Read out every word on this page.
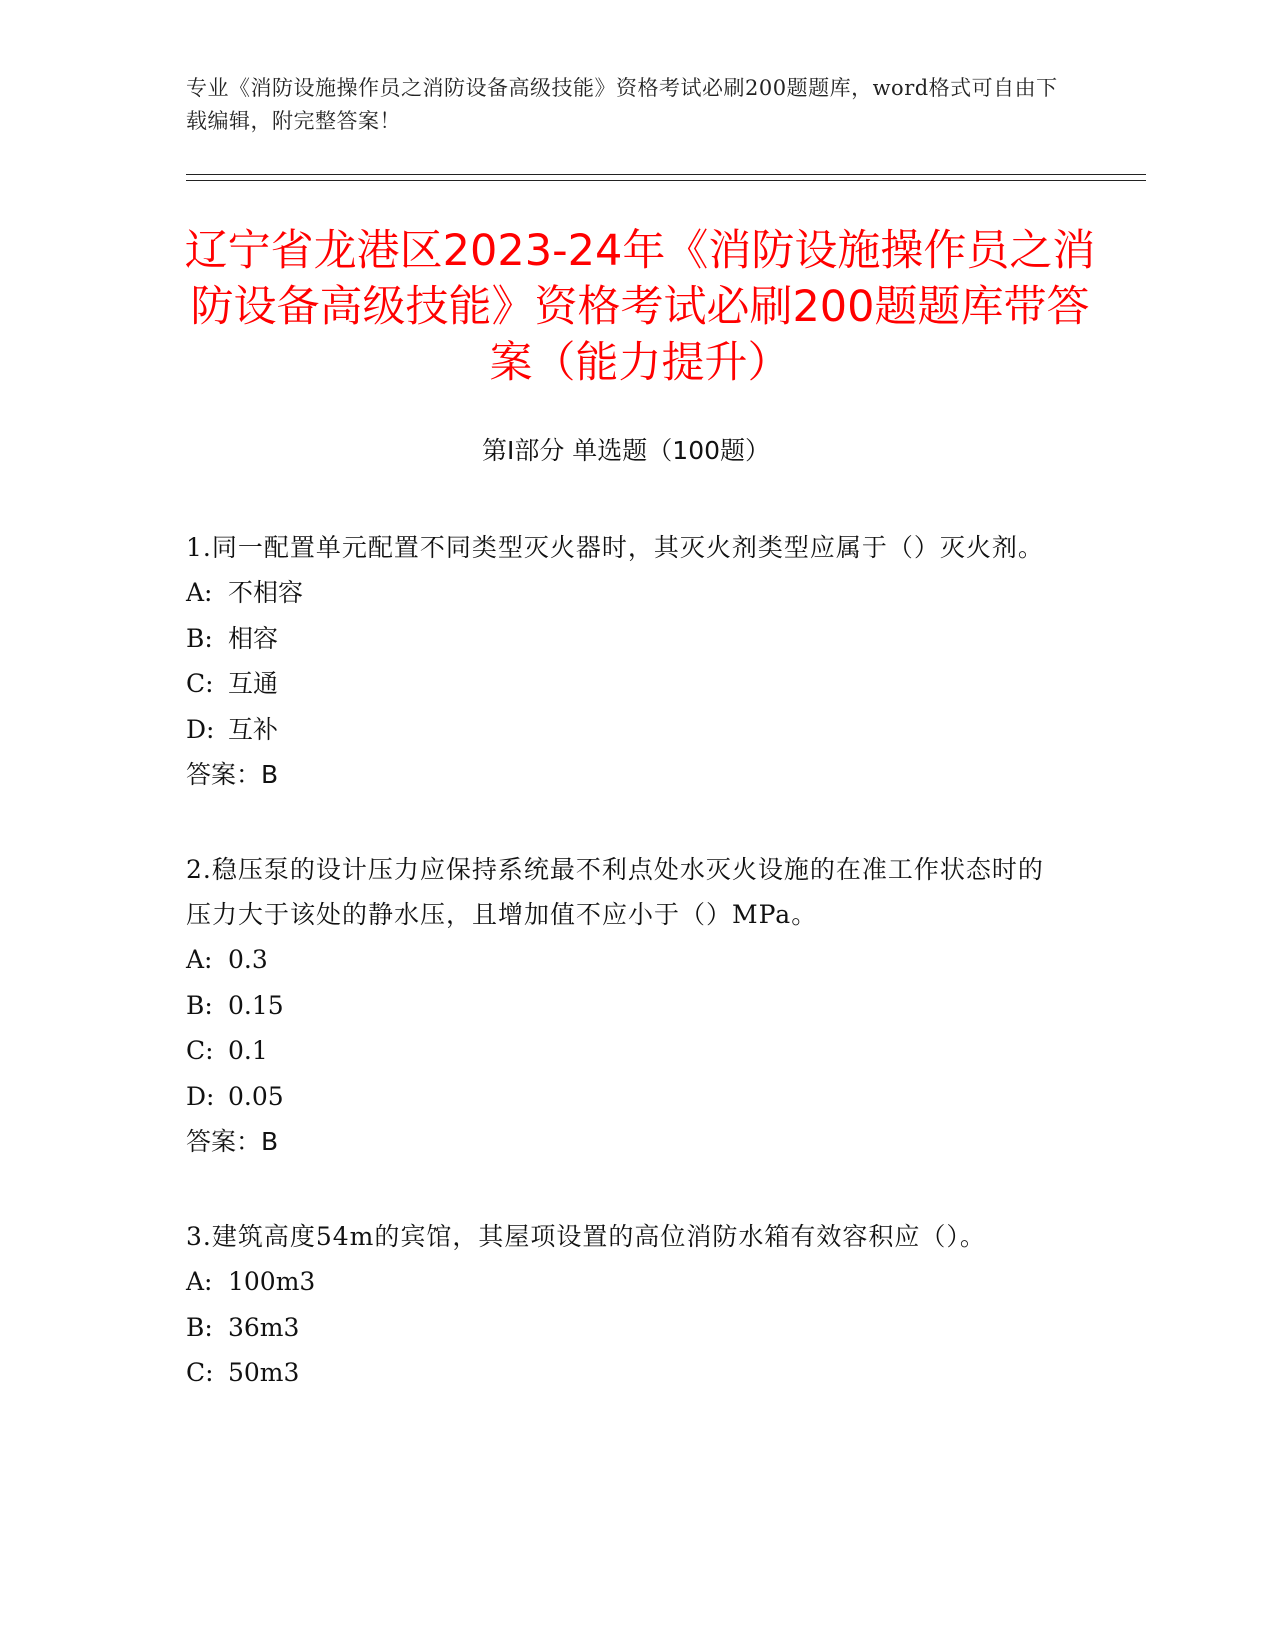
专业《消防设施操作员之消防设备高级技能》资格考试必刷200题题库，word格式可自由下载编辑，附完整答案！
辽宁省龙港区2023-24年《消防设施操作员之消防设备高级技能》资格考试必刷200题题库带答案（能力提升）
第Ⅰ部分 单选题（100题）

1.同一配置单元配置不同类型灭火器时，其灭火剂类型应属于（）灭火剂。

A: 不相容

B: 相容

C: 互通

D: 互补

答案：B

2.稳压泵的设计压力应保持系统最不利点处水灭火设施的在准工作状态时的压力大于该处的静水压，且增加值不应小于（）MPa。

A: 0.3

B: 0.15

C: 0.1

D: 0.05

答案：B

3.建筑高度54m的宾馆，其屋项设置的高位消防水箱有效容积应（）。

A: 100m3

B: 36m3

C: 50m3
